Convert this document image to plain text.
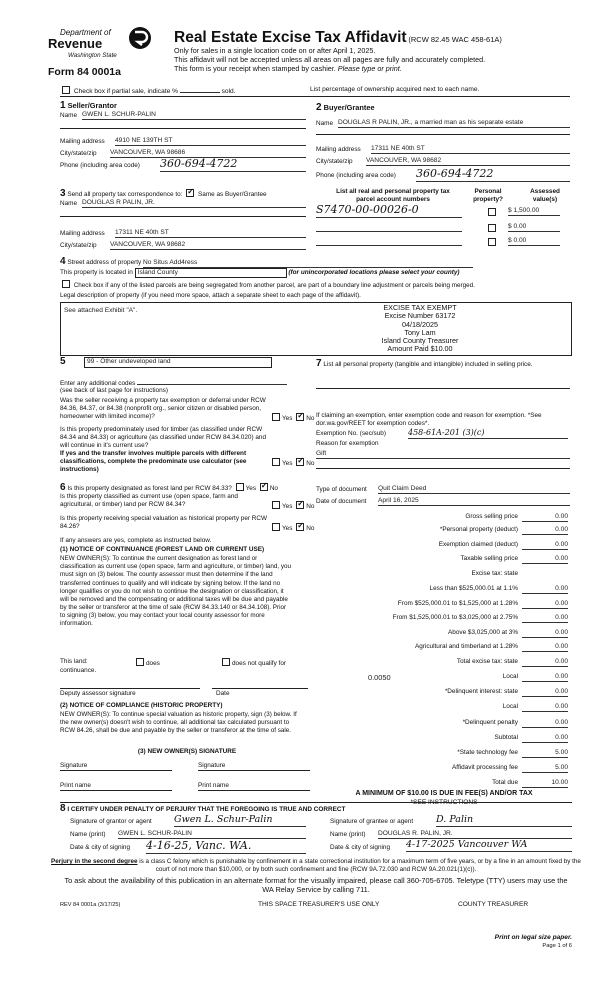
Department of
Revenue
Washington State
Form 84 0001a
Real Estate Excise Tax Affidavit (RCW 82.45 WAC 458-61A)
Only for sales in a single location code on or after April 1, 2025.
This affidavit will not be accepted unless all areas on all pages are fully and accurately completed.
This form is your receipt when stamped by cashier. Please type or print.
Check box if partial sale, indicate %	sold.	List percentage of ownership acquired next to each name.
1 Seller/Grantor
Name GWEN L. SCHUR-PALIN
Mailing address 4910 NE 139TH ST
City/state/zip VANCOUVER, WA 98686
Phone (including area code) 360-694-4722
2 Buyer/Grantee
Name DOUGLAS R PALIN, JR., a married man as his separate estate
Mailing address 17311 NE 40th ST
City/state/zip VANCOUVER, WA 98682
Phone (including area code) 360-694-4722
3 Send all property tax correspondence to: ✓ Same as Buyer/Grantee
Name DOUGLAS R PALIN, JR.
Mailing address 17311 NE 40th ST
City/state/zip VANCOUVER, WA 98682
List all real and personal property tax
parcel account numbers
Personal
property?
Assessed
value(s)
S7470-00-00026-0	$ 1,500.00
$ 0.00
$ 0.00
4 Street address of property No Situs Add4ress
This property is located in Island County	(for unincorporated locations please select your county)
Check box if any of the listed parcels are being segregated from another parcel, are part of a boundary line adjustment or parcels being merged.
Legal description of property (if you need more space, attach a separate sheet to each page of the affidavit).
See attached Exhibit "A".	EXCISE TAX EXEMPT
Excise Number 63172
04/18/2025
Tony Lam
Island County Treasurer
Amount Paid $10.00
5	99 - Other undeveloped land
Enter any additional codes
(see back of last page for instructions)
Was the seller receiving a property tax exemption or deferral under RCW 84.36, 84.37, or 84.38 (nonprofit org., senior citizen or disabled person, homeowner with limited income)?	Yes ✓ No
Is this property predominately used for timber (as classified under RCW 84.34 and 84.33) or agriculture (as classified under RCW 84.34.020) and will continue in it's current use?
If yes and the transfer involves multiple parcels with different classifications, complete the predominate use calculator (see instructions)
Yes ✓ No
7 List all personal property (tangible and intangible) included in selling price.
If claiming an exemption, enter exemption code and reason for exemption. *See dor.wa.gov/REET for exemption codes*.
Exemption No. (sec/sub)	458-61A-201 (3)(c)
Reason for exemption
Gift
Type of document Quit Claim Deed
Date of document April 16, 2025
Gross selling price	0.00
*Personal property (deduct)	0.00
Exemption claimed (deduct)	0.00
Taxable selling price	0.00
Excise tax: state
Less than $525,000.01 at 1.1%	0.00
From $525,000.01 to $1,525,000 at 1.28%	0.00
From $1,525,000.01 to $3,025,000 at 2.75%	0.00
Above $3,025,000 at 3%	0.00
Agricultural and timberland at 1.28%	0.00
Total excise tax: state	0.00
0.0050	Local	0.00
*Delinquent interest: state	0.00
Local	0.00
*Delinquent penalty	0.00
Subtotal	0.00
*State technology fee	5.00
Affidavit processing fee	5.00
Total due	10.00
A MINIMUM OF $10.00 IS DUE IN FEE(S) AND/OR TAX
*SEE INSTRUCTIONS
6 Is this property designated as forest land per RCW 84.33? Yes ✓ No
Is this property classified as current use (open space, farm and agricultural, or timber) land per RCW 84.34?	Yes ✓ No
Is this property receiving special valuation as historical property per RCW 84.26?	Yes ✓ No
If any answers are yes, complete as instructed below.
(1) NOTICE OF CONTINUANCE (FOREST LAND OR CURRENT USE)
NEW OWNER(S): To continue the current designation as forest land or classification as current use (open space, farm and agriculture, or timber) land, you must sign on (3) below. The county assessor must then determine if the land transferred continues to qualify and will indicate by signing below. If the land no longer qualifies or you do not wish to continue the designation or classification, it will be removed and the compensating or additional taxes will be due and payable by the seller or transferor at the time of sale (RCW 84.33.140 or 84.34.108). Prior to signing (3) below, you may contact your local county assessor for more information.
This land:	does	does not qualify for
continuance.
Deputy assessor signature	Date
(2) NOTICE OF COMPLIANCE (HISTORIC PROPERTY)
NEW OWNER(S): To continue special valuation as historic property, sign (3) below. If the new owner(s) doesn't wish to continue, all additional tax calculated pursuant to RCW 84.26, shall be due and payable by the seller or transferor at the time of sale.
(3) NEW OWNER(S) SIGNATURE
Signature	Signature
Print name	Print name
8 I CERTIFY UNDER PENALTY OF PERJURY THAT THE FOREGOING IS TRUE AND CORRECT
Signature of grantor or agent Gwen L. Schur-Palin
Name (print) GWEN L. SCHUR-PALIN
Date & city of signing 4-16-25, Vanc. WA.
Signature of grantee or agent D. Palin
Name (print) DOUGLAS R. PALIN, JR.
Date & city of signing 4-17-2025 Vancouver WA
Perjury in the second degree is a class C felony which is punishable by confinement in a state correctional institution for a maximum term of five years, or by a fine in an amount fixed by the court of not more than $10,000, or by both such confinement and fine (RCW 9A.72.030 and RCW 9A.20.021(1)(c)).
To ask about the availability of this publication in an alternate format for the visually impaired, please call 360-705-6705. Teletype (TTY) users may use the WA Relay Service by calling 711.
REV 84 0001a (3/17/25)	THIS SPACE TREASURER'S USE ONLY	COUNTY TREASURER
Print on legal size paper.
Page 1 of 6
